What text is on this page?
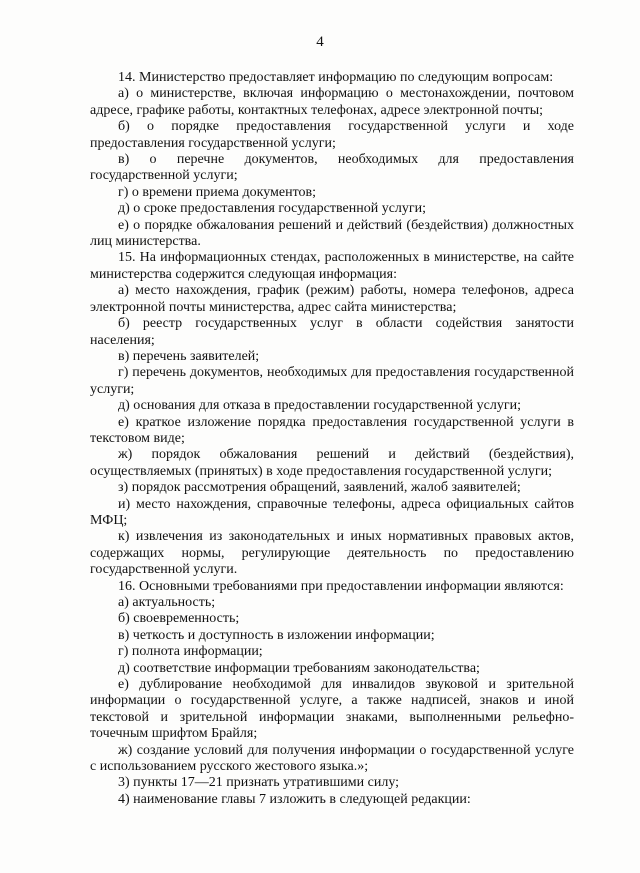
4

14. Министерство предоставляет информацию по следующим вопросам:

а) о министерстве, включая информацию о местонахождении, почтовом адресе, графике работы, контактных телефонах, адресе электронной почты;

б) о порядке предоставления государственной услуги и ходе предоставления государственной услуги;

в) о перечне документов, необходимых для предоставления государственной услуги;

г) о времени приема документов;

д) о сроке предоставления государственной услуги;

е) о порядке обжалования решений и действий (бездействия) должностных лиц министерства.

15. На информационных стендах, расположенных в министерстве, на сайте министерства содержится следующая информация:

а) место нахождения, график (режим) работы, номера телефонов, адреса электронной почты министерства, адрес сайта министерства;

б) реестр государственных услуг в области содействия занятости населения;

в) перечень заявителей;

г) перечень документов, необходимых для предоставления государственной услуги;

д) основания для отказа в предоставлении государственной услуги;

е) краткое изложение порядка предоставления государственной услуги в текстовом виде;

ж) порядок обжалования решений и действий (бездействия), осуществляемых (принятых) в ходе предоставления государственной услуги;

з) порядок рассмотрения обращений, заявлений, жалоб заявителей;

и) место нахождения, справочные телефоны, адреса официальных сайтов МФЦ;

к) извлечения из законодательных и иных нормативных правовых актов, содержащих нормы, регулирующие деятельность по предоставлению государственной услуги.

16. Основными требованиями при предоставлении информации являются:

а) актуальность;

б) своевременность;

в) четкость и доступность в изложении информации;

г) полнота информации;

д) соответствие информации требованиям законодательства;

е) дублирование необходимой для инвалидов звуковой и зрительной информации о государственной услуге, а также надписей, знаков и иной текстовой и зрительной информации знаками, выполненными рельефно-точечным шрифтом Брайля;

ж) создание условий для получения информации о государственной услуге с использованием русского жестового языка.»;

3) пункты 17—21 признать утратившими силу;

4) наименование главы 7 изложить в следующей редакции:
